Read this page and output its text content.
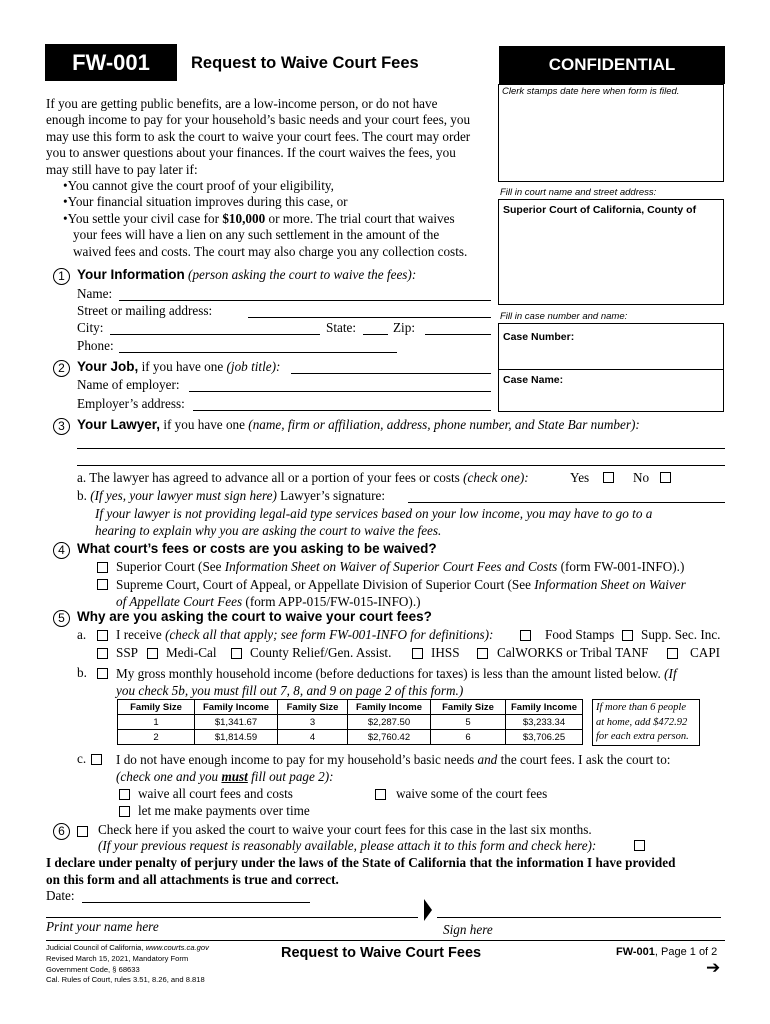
FW-001	Request to Waive Court Fees	CONFIDENTIAL
Clerk stamps date here when form is filed.
If you are getting public benefits, are a low-income person, or do not have
enough income to pay for your household’s basic needs and your court fees, you
may use this form to ask the court to waive your court fees. The court may order
you to answer questions about your finances. If the court waives the fees, you
may still have to pay later if:
•You cannot give the court proof of your eligibility,
•Your financial situation improves during this case, or
•You settle your civil case for $10,000 or more. The trial court that waives
your fees will have a lien on any such settlement in the amount of the
waived fees and costs. The court may also charge you any collection costs.
Fill in court name and street address:
Superior Court of California, County of
Fill in case number and name:
Case Number:
Case Name:
1 Your Information (person asking the court to waive the fees):
Name:
Street or mailing address:
City:	State:	Zip:
Phone:
2 Your Job, if you have one (job title):
Name of employer:
Employer’s address:
3 Your Lawyer, if you have one (name, firm or affiliation, address, phone number, and State Bar number):
a. The lawyer has agreed to advance all or a portion of your fees or costs (check one):	Yes	No
b. (If yes, your lawyer must sign here) Lawyer’s signature:
If your lawyer is not providing legal-aid type services based on your low income, you may have to go to a
hearing to explain why you are asking the court to waive the fees.
4 What court’s fees or costs are you asking to be waived?
Superior Court (See Information Sheet on Waiver of Superior Court Fees and Costs (form FW-001-INFO).)
Supreme Court, Court of Appeal, or Appellate Division of Superior Court (See Information Sheet on Waiver
of Appellate Court Fees (form APP-015/FW-015-INFO).)
5 Why are you asking the court to waive your court fees?
a. I receive (check all that apply; see form FW-001-INFO for definitions):	Food Stamps Supp. Sec. Inc.
SSP Medi-Cal	County Relief/Gen. Assist.	IHSS	CalWORKS or Tribal TANF	CAPI
b. My gross monthly household income (before deductions for taxes) is less than the amount listed below. (If
you check 5b, you must fill out 7, 8, and 9 on page 2 of this form.)
Family Size	Family Income	Family Size	Family Income	Family Size	Family Income
1	$1,341.67	3	$2,287.50	5	$3,233.34
2	$1,814.59	4	$2,760.42	6	$3,706.25
If more than 6 people
at home, add $472.92
for each extra person.
c. I do not have enough income to pay for my household’s basic needs and the court fees. I ask the court to:
(check one and you must fill out page 2):
waive all court fees and costs	waive some of the court fees
let me make payments over time
6	Check here if you asked the court to waive your court fees for this case in the last six months.
(If your previous request is reasonably available, please attach it to this form and check here):
I declare under penalty of perjury under the laws of the State of California that the information I have provided
on this form and all attachments is true and correct.
Date:
Print your name here	Sign here
Judicial Council of California, www.courts.ca.gov
Revised March 15, 2021, Mandatory Form
Government Code, § 68633
Cal. Rules of Court, rules 3.51, 8.26, and 8.818
Request to Waive Court Fees	FW-001, Page 1 of 2
➔
